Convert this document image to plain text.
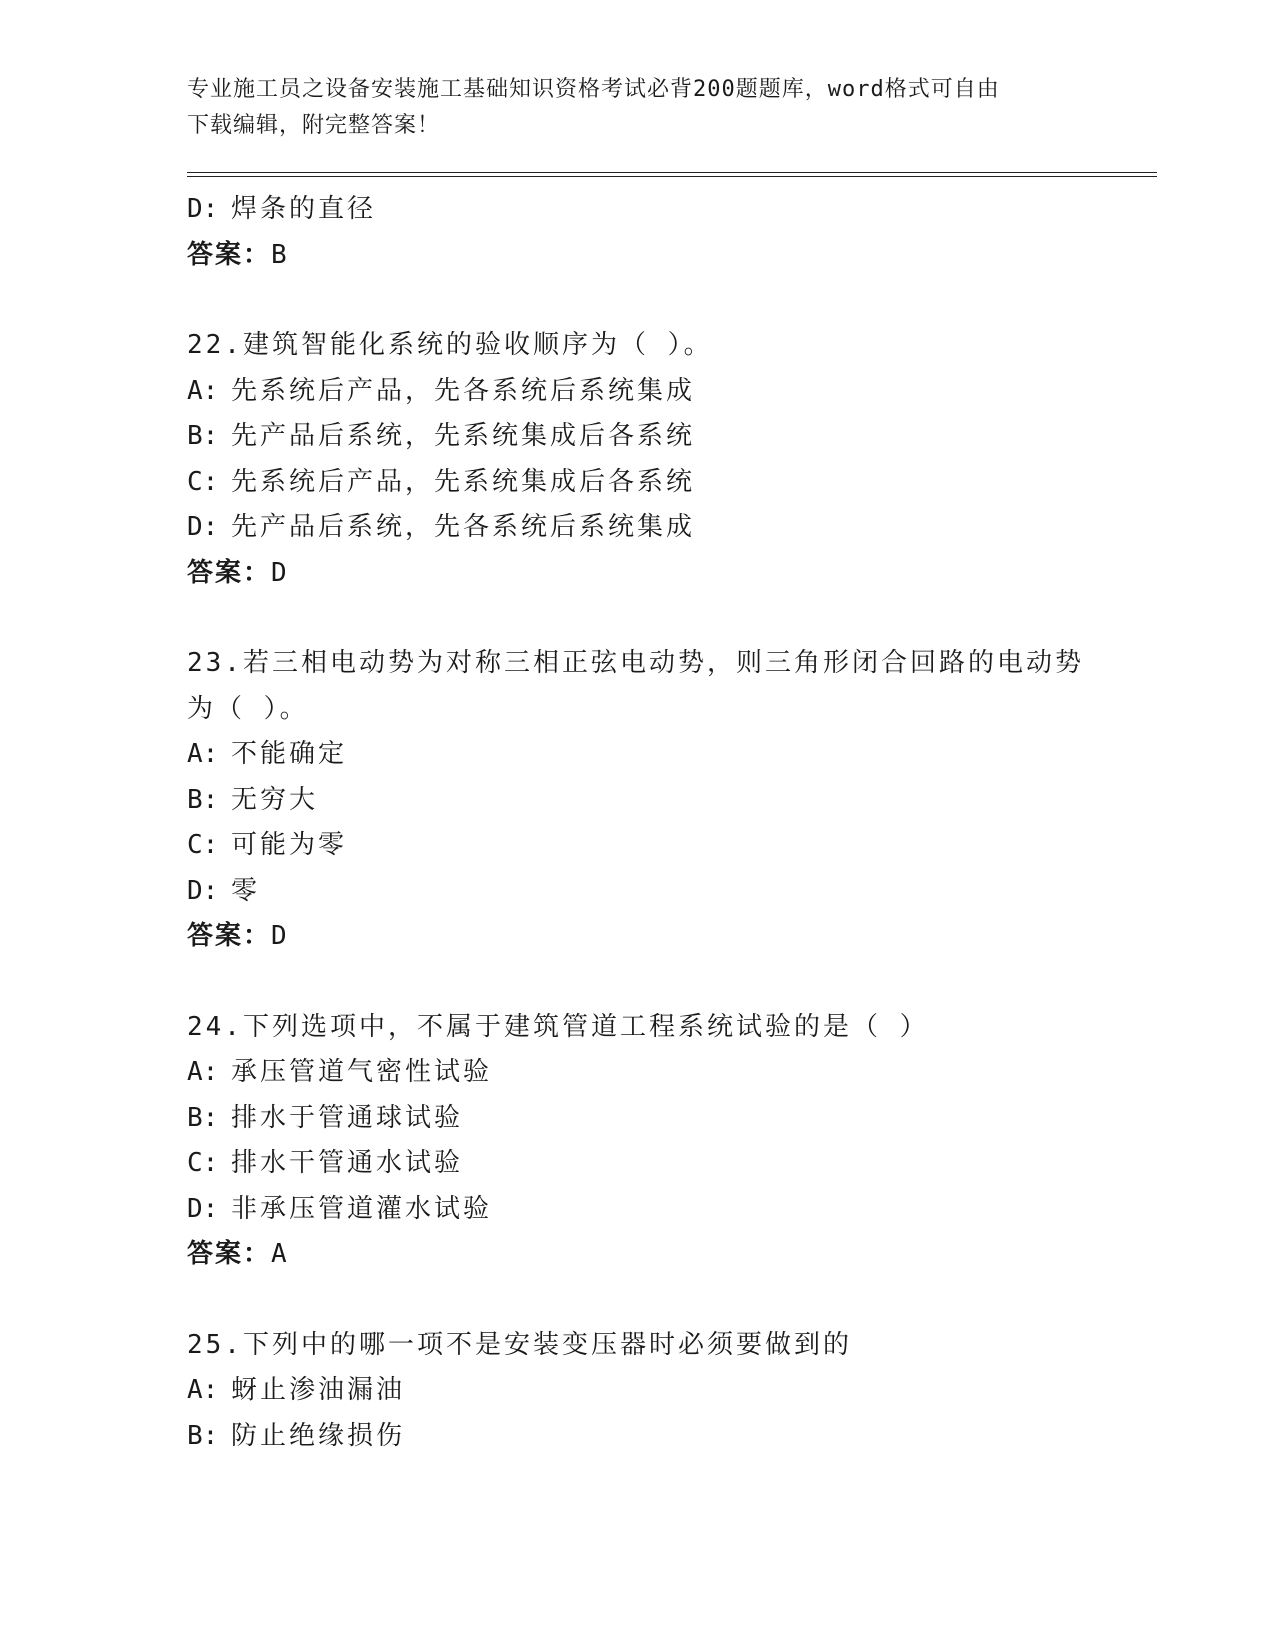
专业施工员之设备安装施工基础知识资格考试必背200题题库，word格式可自由
下载编辑，附完整答案！
D: 焊条的直径
答案：B
22.建筑智能化系统的验收顺序为（ ）。
A: 先系统后产品，先各系统后系统集成
B: 先产品后系统，先系统集成后各系统
C: 先系统后产品，先系统集成后各系统
D: 先产品后系统，先各系统后系统集成
答案：D
23.若三相电动势为对称三相正弦电动势，则三角形闭合回路的电动势
为（ ）。
A: 不能确定
B: 无穷大
C: 可能为零
D: 零
答案：D
24.下列选项中，不属于建筑管道工程系统试验的是（ ）
A: 承压管道气密性试验
B: 排水于管通球试验
C: 排水干管通水试验
D: 非承压管道灌水试验
答案：A
25.下列中的哪一项不是安装变压器时必须要做到的
A: 蚜止渗油漏油
B: 防止绝缘损伤
